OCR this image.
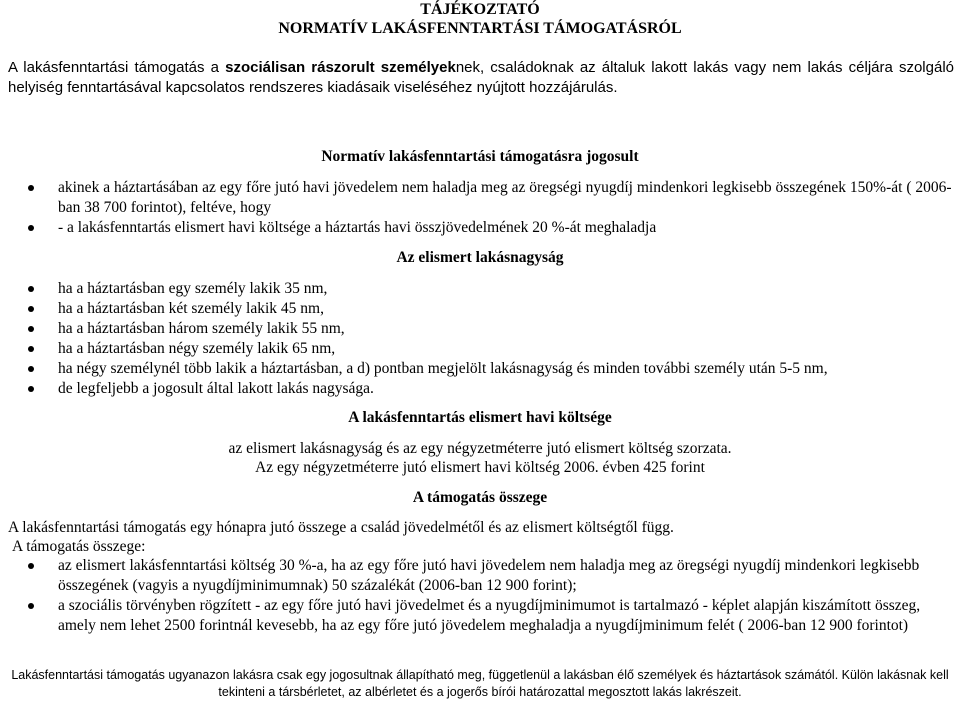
TÁJÉKOZTATÓ
NORMATÍV LAKÁSFENNTARTÁSI TÁMOGATÁSRÓL

A lakásfenntartási támogatás a szociálisan rászorult személyeknek, családoknak az általuk lakott lakás vagy nem lakás céljára szolgáló helyiség fenntartásával kapcsolatos rendszeres kiadásaik viseléséhez nyújtott hozzájárulás.

Normatív lakásfenntartási támogatásra jogosult
akinek a háztartásában az egy főre jutó havi jövedelem nem haladja meg az öregségi nyugdíj mindenkori legkisebb összegének 150%-át ( 2006-ban 38 700 forintot), feltéve, hogy
- a lakásfenntartás elismert havi költsége a háztartás havi összjövedelmének 20 %-át meghaladja
Az elismert lakásnagyság
ha a háztartásban egy személy lakik 35 nm,
ha a háztartásban két személy lakik 45 nm,
ha a háztartásban három személy lakik 55 nm,
ha a háztartásban négy személy lakik 65 nm,
ha négy személynél több lakik a háztartásban, a d) pontban megjelölt lakásnagyság és minden további személy után 5-5 nm,
de legfeljebb a jogosult által lakott lakás nagysága.
A lakásfenntartás elismert havi költsége
az elismert lakásnagyság és az egy négyzetméterre jutó elismert költség szorzata.
Az egy négyzetméterre jutó elismert havi költség 2006. évben 425 forint
A támogatás összege
A lakásfenntartási támogatás egy hónapra jutó összege a család jövedelmétől és az elismert költségtől függ.
A támogatás összege:
az elismert lakásfenntartási költség 30 %-a, ha az egy főre jutó havi jövedelem nem haladja meg az öregségi nyugdíj mindenkori legkisebb összegének (vagyis a nyugdíjminimumnak) 50 százalékát (2006-ban 12 900 forint);
a szociális törvényben rögzített - az egy főre jutó havi jövedelmet és a nyugdíjminimumot is tartalmazó - képlet alapján kiszámított összeg, amely nem lehet 2500 forintnál kevesebb, ha az egy főre jutó jövedelem meghaladja a nyugdíjminimum felét ( 2006-ban 12 900 forintot)
Lakásfenntartási támogatás ugyanazon lakásra csak egy jogosultnak állapítható meg, függetlenül a lakásban élő személyek és háztartások számától. Külön lakásnak kell
tekinteni a társbérletet, az albérletet és a jogerős bírói határozattal megosztott lakás lakrészeit.
